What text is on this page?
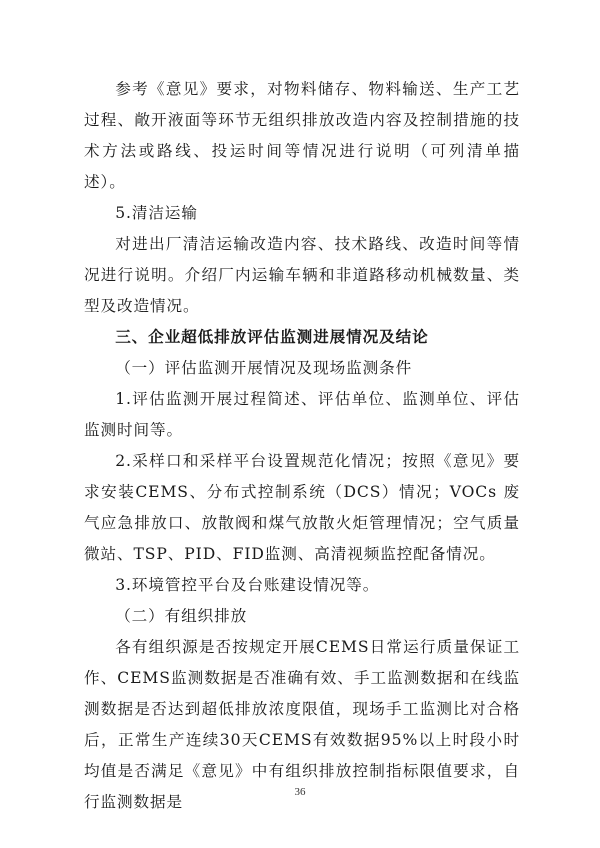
参考《意见》要求，对物料储存、物料输送、生产工艺过程、敞开液面等环节无组织排放改造内容及控制措施的技术方法或路线、投运时间等情况进行说明（可列清单描述）。

5.清洁运输

对进出厂清洁运输改造内容、技术路线、改造时间等情况进行说明。介绍厂内运输车辆和非道路移动机械数量、类型及改造情况。

三、企业超低排放评估监测进展情况及结论

（一）评估监测开展情况及现场监测条件

1.评估监测开展过程简述、评估单位、监测单位、评估监测时间等。

2.采样口和采样平台设置规范化情况；按照《意见》要求安装CEMS、分布式控制系统（DCS）情况；VOCs 废气应急排放口、放散阀和煤气放散火炬管理情况；空气质量微站、TSP、PID、FID监测、高清视频监控配备情况。

3.环境管控平台及台账建设情况等。

（二）有组织排放

各有组织源是否按规定开展CEMS日常运行质量保证工作、CEMS监测数据是否准确有效、手工监测数据和在线监测数据是否达到超低排放浓度限值，现场手工监测比对合格后，正常生产连续30天CEMS有效数据95%以上时段小时均值是否满足《意见》中有组织排放控制指标限值要求，自行监测数据是

36
